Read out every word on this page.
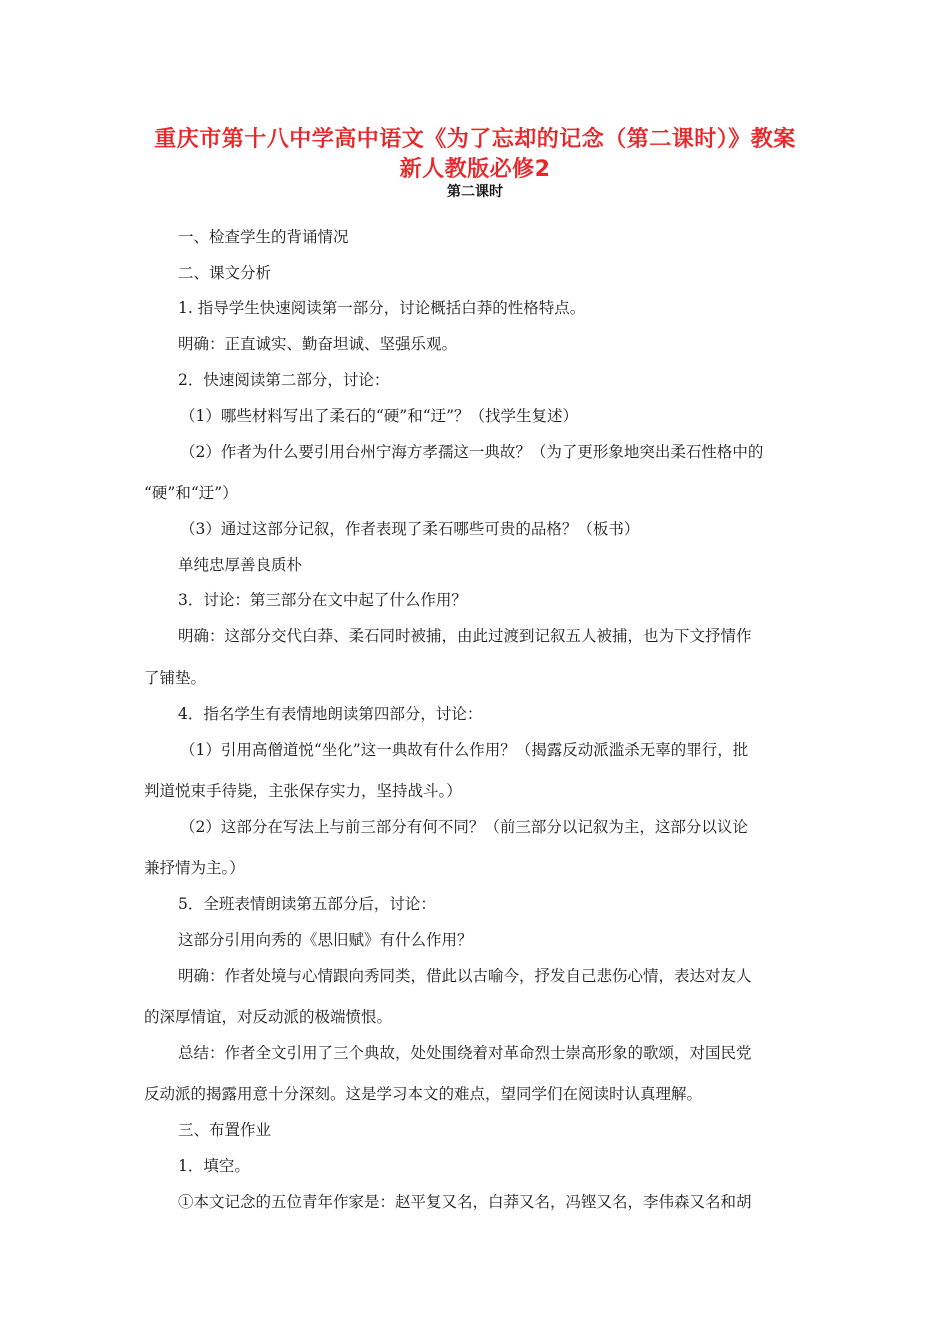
重庆市第十八中学高中语文《为了忘却的记念（第二课时）》教案
新人教版必修2
第二课时
一、检查学生的背诵情况
二、课文分析
1. 指导学生快速阅读第一部分，讨论概括白莽的性格特点。
明确：正直诚实、勤奋坦诚、坚强乐观。
2．快速阅读第二部分，讨论：
（1）哪些材料写出了柔石的“硬”和“迂”？（找学生复述）
（2）作者为什么要引用台州宁海方孝孺这一典故？（为了更形象地突出柔石性格中的
“硬”和“迂”）
（3）通过这部分记叙，作者表现了柔石哪些可贵的品格？（板书）
单纯忠厚善良质朴
3．讨论：第三部分在文中起了什么作用？
明确：这部分交代白莽、柔石同时被捕，由此过渡到记叙五人被捕，也为下文抒情作
了铺垫。
4．指名学生有表情地朗读第四部分，讨论：
（1）引用高僧道悦“坐化”这一典故有什么作用？（揭露反动派滥杀无辜的罪行，批
判道悦束手待毙，主张保存实力，坚持战斗。）
（2）这部分在写法上与前三部分有何不同？（前三部分以记叙为主，这部分以议论
兼抒情为主。）
5．全班表情朗读第五部分后，讨论：
这部分引用向秀的《思旧赋》有什么作用？
明确：作者处境与心情跟向秀同类，借此以古喻今，抒发自己悲伤心情，表达对友人
的深厚情谊，对反动派的极端愤恨。
总结：作者全文引用了三个典故，处处围绕着对革命烈士崇高形象的歌颂，对国民党
反动派的揭露用意十分深刻。这是学习本文的难点，望同学们在阅读时认真理解。
三、布置作业
1．填空。
①本文记念的五位青年作家是：赵平复又名，白莽又名，冯铿又名，李伟森又名和胡
